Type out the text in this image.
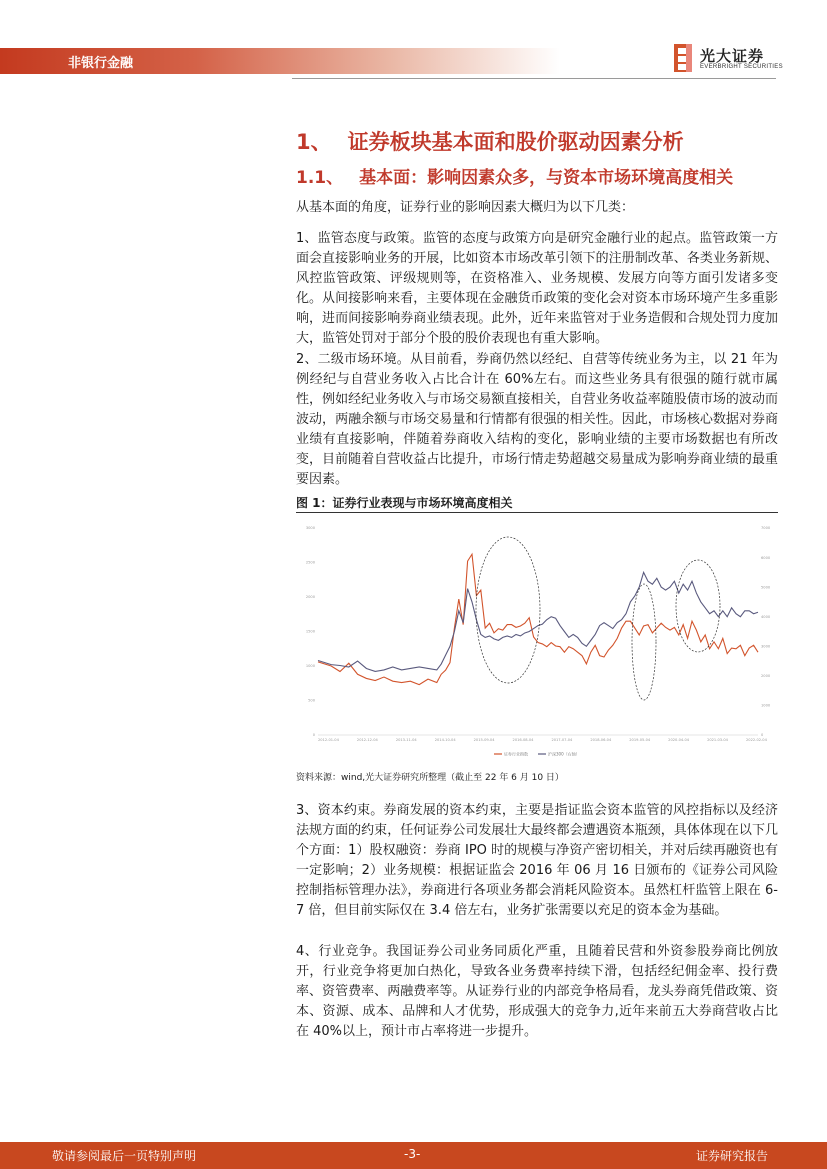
非银行金融	光大证券
EVERBRIGHT SECURITIES
1、 证券板块基本面和股价驱动因素分析
1.1、 基本面：影响因素众多，与资本市场环境高度相关

从基本面的角度，证券行业的影响因素大概归为以下几类：

1、监管态度与政策。监管的态度与政策方向是研究金融行业的起点。监管政策一方面会直接影响业务的开展，比如资本市场改革引领下的注册制改革、各类业务新规、风控监管政策、评级规则等，在资格准入、业务规模、发展方向等方面引发诸多变化。从间接影响来看，主要体现在金融货币政策的变化会对资本市场环境产生多重影响，进而间接影响券商业绩表现。此外，近年来监管对于业务造假和合规处罚力度加大，监管处罚对于部分个股的股价表现也有重大影响。

2、二级市场环境。从目前看，券商仍然以经纪、自营等传统业务为主，以 21 年为例经纪与自营业务收入占比合计在 60%左右。而这些业务具有很强的随行就市属性，例如经纪业务收入与市场交易额直接相关，自营业务收益率随股债市场的波动而波动，两融余额与市场交易量和行情都有很强的相关性。因此，市场核心数据对券商业绩有直接影响，伴随着券商收入结构的变化，影响业绩的主要市场数据也有所改变，目前随着自营收益占比提升，市场行情走势超越交易量成为影响券商业绩的最重要因素。

图 1：证券行业表现与市场环境高度相关
0
500
1000
1500
2000
2500
3000
0
1000
2000
3000
4000
5000
6000
7000
2012-01-04	2012-12-04	2013-11-04	2014-10-04	2015-09-04	2016-08-04	2017-07-04	2018-06-04	2019-05-04	2020-04-04	2021-03-04	2022-02-04
证券行业指数	沪深300（右轴）
资料来源：wind,光大证券研究所整理（截止至 22 年 6 月 10 日）

3、资本约束。券商发展的资本约束，主要是指证监会资本监管的风控指标以及经济法规方面的约束，任何证券公司发展壮大最终都会遭遇资本瓶颈，具体体现在以下几个方面：1）股权融资：券商 IPO 时的规模与净资产密切相关，并对后续再融资也有一定影响；2）业务规模：根据证监会 2016 年 06 月 16 日颁布的《证券公司风险控制指标管理办法》，券商进行各项业务都会消耗风险资本。虽然杠杆监管上限在 6-7 倍，但目前实际仅在 3.4 倍左右，业务扩张需要以充足的资本金为基础。

4、行业竞争。我国证券公司业务同质化严重，且随着民营和外资参股券商比例放开，行业竞争将更加白热化，导致各业务费率持续下滑，包括经纪佣金率、投行费率、资管费率、两融费率等。从证券行业的内部竞争格局看，龙头券商凭借政策、资本、资源、成本、品牌和人才优势，形成强大的竞争力,近年来前五大券商营收占比在 40%以上，预计市占率将进一步提升。

敬请参阅最后一页特别声明	-3-	证券研究报告
